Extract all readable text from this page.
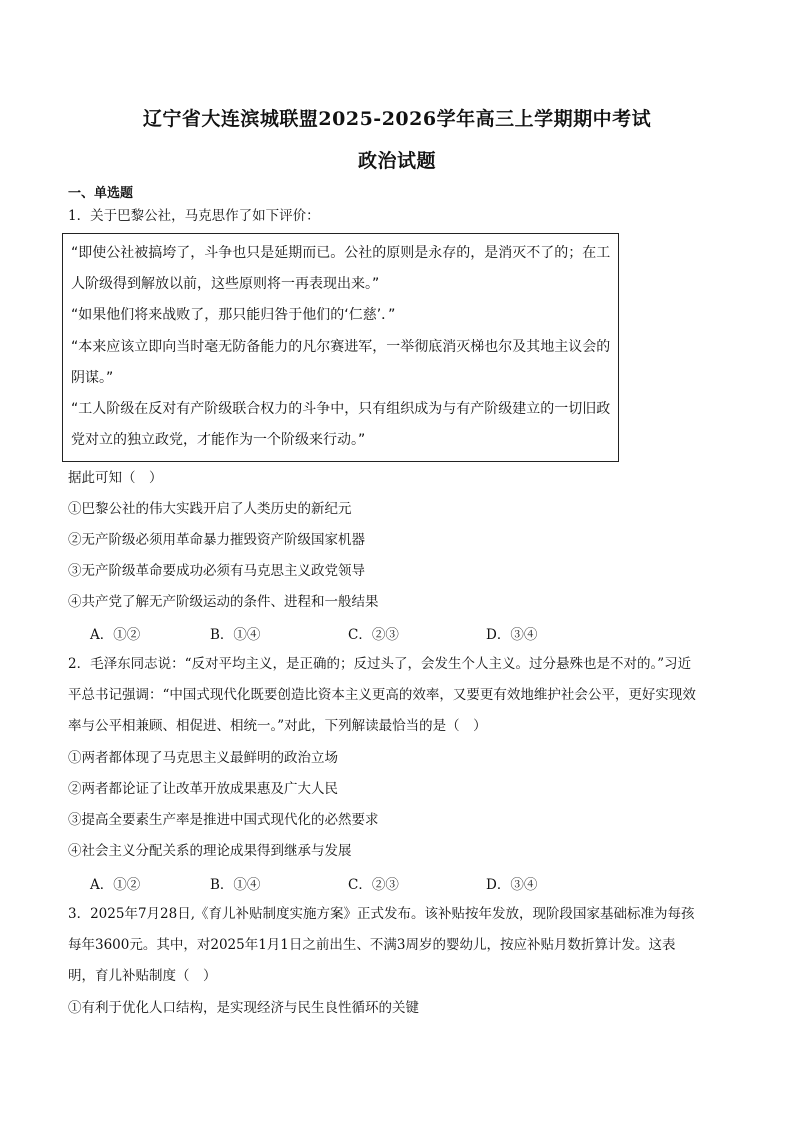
辽宁省大连滨城联盟2025-2026学年高三上学期期中考试
政治试题
一、单选题
1．关于巴黎公社，马克思作了如下评价：
“即使公社被搞垮了，斗争也只是延期而已。公社的原则是永存的，是消灭不了的；在工
人阶级得到解放以前，这些原则将一再表现出来。”
“如果他们将来战败了，那只能归咎于他们的‘仁慈’．”
“本来应该立即向当时毫无防备能力的凡尔赛进军，一举彻底消灭梯也尔及其地主议会的
阴谋。”
“工人阶级在反对有产阶级联合权力的斗争中，只有组织成为与有产阶级建立的一切旧政
党对立的独立政党，才能作为一个阶级来行动。”
据此可知（　）
①巴黎公社的伟大实践开启了人类历史的新纪元
②无产阶级必须用革命暴力摧毁资产阶级国家机器
③无产阶级革命要成功必须有马克思主义政党领导
④共产党了解无产阶级运动的条件、进程和一般结果
A．①②	B．①④	C．②③	D．③④
2．毛泽东同志说：“反对平均主义，是正确的；反过头了，会发生个人主义。过分悬殊也是不对的。”习近
平总书记强调：“中国式现代化既要创造比资本主义更高的效率，又要更有效地维护社会公平，更好实现效
率与公平相兼顾、相促进、相统一。”对此，下列解读最恰当的是（　）
①两者都体现了马克思主义最鲜明的政治立场
②两者都论证了让改革开放成果惠及广大人民
③提高全要素生产率是推进中国式现代化的必然要求
④社会主义分配关系的理论成果得到继承与发展
A．①②	B．①④	C．②③	D．③④
3．2025年7月28日,《育儿补贴制度实施方案》正式发布。该补贴按年发放，现阶段国家基础标准为每孩
每年3600元。其中，对2025年1月1日之前出生、不满3周岁的婴幼儿，按应补贴月数折算计发。这表
明，育儿补贴制度（　）
①有利于优化人口结构，是实现经济与民生良性循环的关键
